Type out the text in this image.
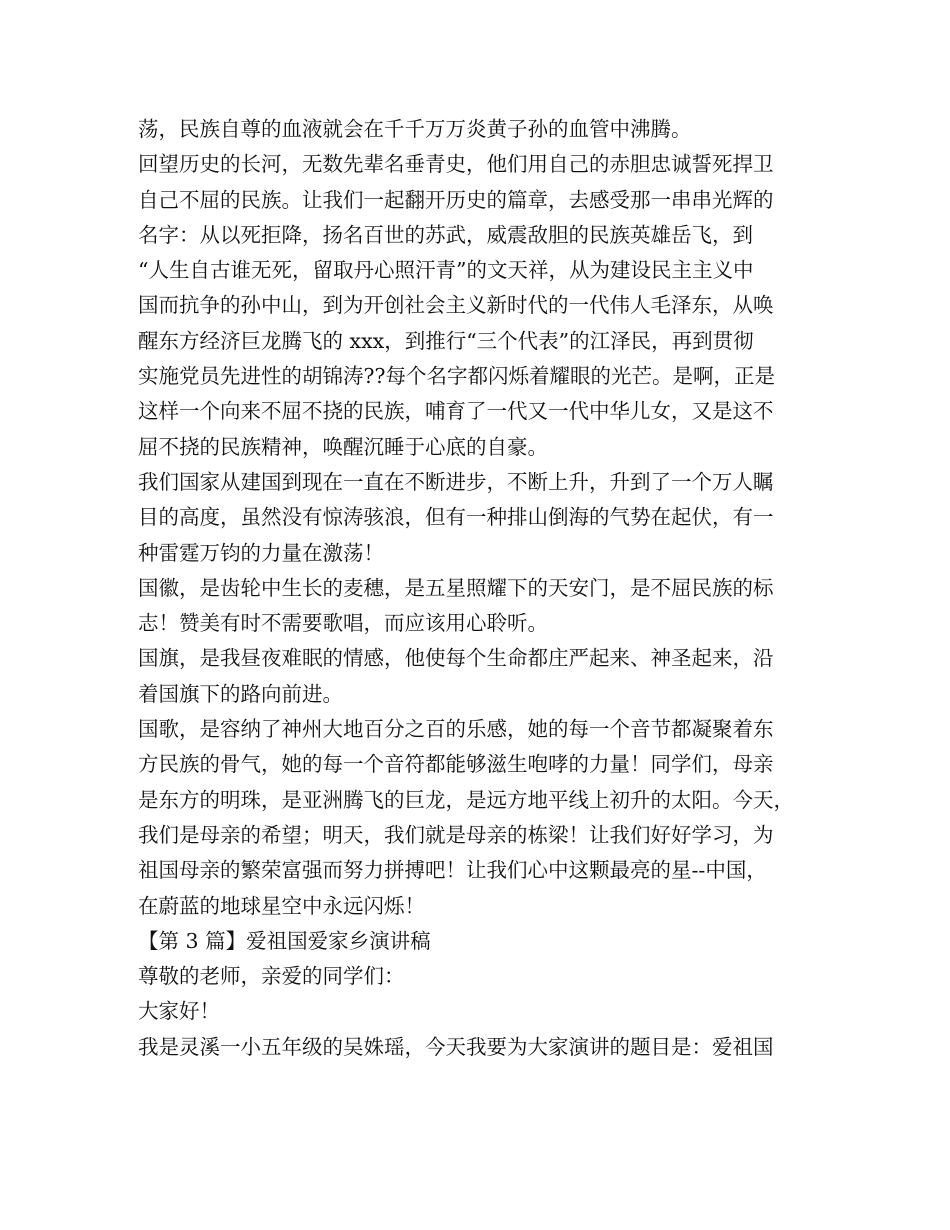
荡，民族自尊的血液就会在千千万万炎黄子孙的血管中沸腾。
回望历史的长河，无数先辈名垂青史，他们用自己的赤胆忠诚誓死捍卫
自己不屈的民族。让我们一起翻开历史的篇章，去感受那一串串光辉的
名字：从以死拒降，扬名百世的苏武，威震敌胆的民族英雄岳飞，到
“人生自古谁无死，留取丹心照汗青”的文天祥，从为建设民主主义中
国而抗争的孙中山，到为开创社会主义新时代的一代伟人毛泽东，从唤
醒东方经济巨龙腾飞的 xxx，到推行“三个代表”的江泽民，再到贯彻
实施党员先进性的胡锦涛??每个名字都闪烁着耀眼的光芒。是啊，正是
这样一个向来不屈不挠的民族，哺育了一代又一代中华儿女，又是这不
屈不挠的民族精神，唤醒沉睡于心底的自豪。
我们国家从建国到现在一直在不断进步，不断上升，升到了一个万人瞩
目的高度，虽然没有惊涛骇浪，但有一种排山倒海的气势在起伏，有一
种雷霆万钧的力量在激荡！
国徽，是齿轮中生长的麦穗，是五星照耀下的天安门，是不屈民族的标
志！赞美有时不需要歌唱，而应该用心聆听。
国旗，是我昼夜难眠的情感，他使每个生命都庄严起来、神圣起来，沿
着国旗下的路向前进。
国歌，是容纳了神州大地百分之百的乐感，她的每一个音节都凝聚着东
方民族的骨气，她的每一个音符都能够滋生咆哮的力量！同学们，母亲
是东方的明珠，是亚洲腾飞的巨龙，是远方地平线上初升的太阳。今天，
我们是母亲的希望；明天，我们就是母亲的栋梁！让我们好好学习，为
祖国母亲的繁荣富强而努力拼搏吧！让我们心中这颗最亮的星--中国，
在蔚蓝的地球星空中永远闪烁！
【第 3 篇】爱祖国爱家乡演讲稿
尊敬的老师，亲爱的同学们：
大家好！
我是灵溪一小五年级的吴姝瑶，今天我要为大家演讲的题目是：爱祖国
